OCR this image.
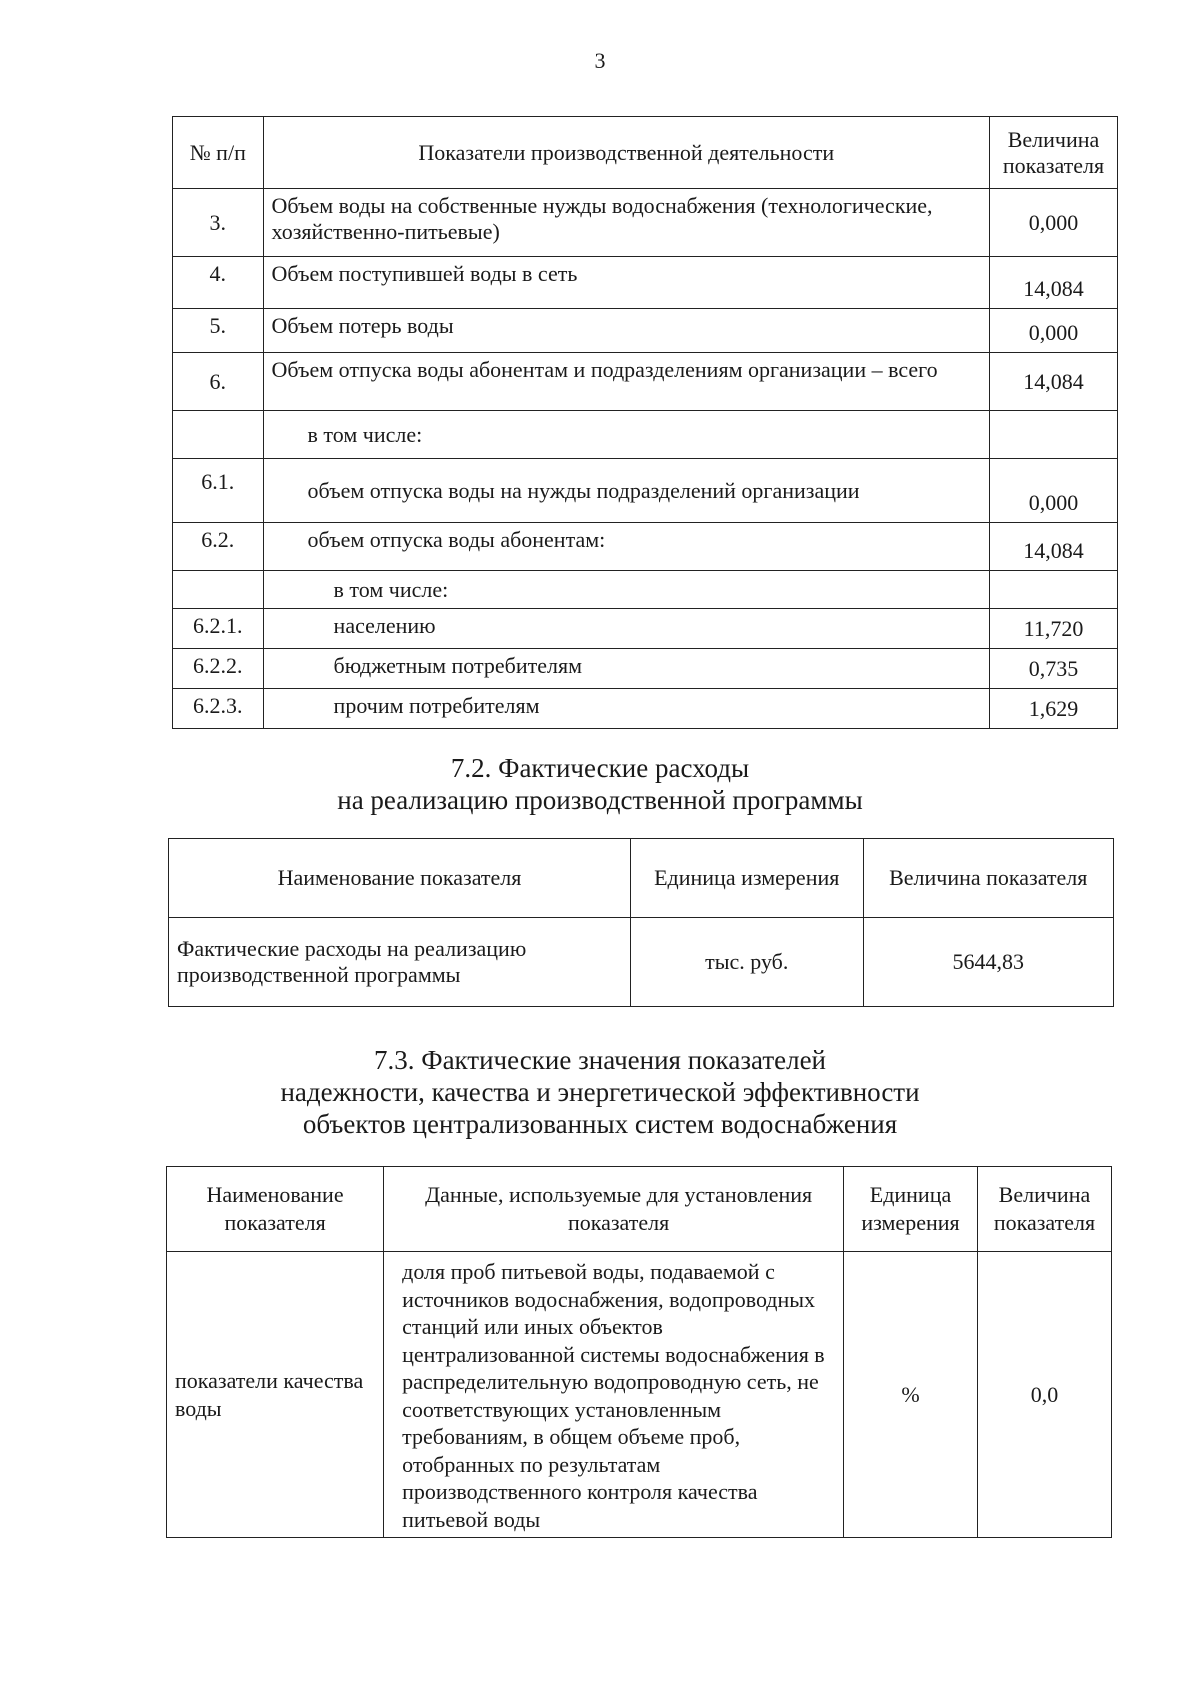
3
№ п/п	Показатели производственной деятельности	Величина показателя
3.	Объем воды на собственные нужды водоснабжения (технологические, хозяйственно-питьевые)	0,000
4.	Объем поступившей воды в сеть	14,084
5.	Объем потерь воды	0,000
6.	Объем отпуска воды абонентам и подразделениям организации – всего	14,084
	в том числе:	
6.1.	объем отпуска воды на нужды подразделений организации	0,000
6.2.	объем отпуска воды абонентам:	14,084
	в том числе:	
6.2.1.	населению	11,720
6.2.2.	бюджетным потребителям	0,735
6.2.3.	прочим потребителям	1,629
7.2. Фактические расходы
на реализацию производственной программы
Наименование показателя	Единица измерения	Величина показателя
Фактические расходы на реализацию производственной программы	тыс. руб.	5644,83
7.3. Фактические значения показателей
надежности, качества и энергетической эффективности
объектов централизованных систем водоснабжения
Наименование показателя	Данные, используемые для установления показателя	Единица измерения	Величина показателя
показатели качества воды	доля проб питьевой воды, подаваемой с источников водоснабжения, водопроводных станций или иных объектов централизованной системы водоснабжения в распределительную водопроводную сеть, не соответствующих установленным требованиям, в общем объеме проб, отобранных по результатам производственного контроля качества питьевой воды	%	0,0
